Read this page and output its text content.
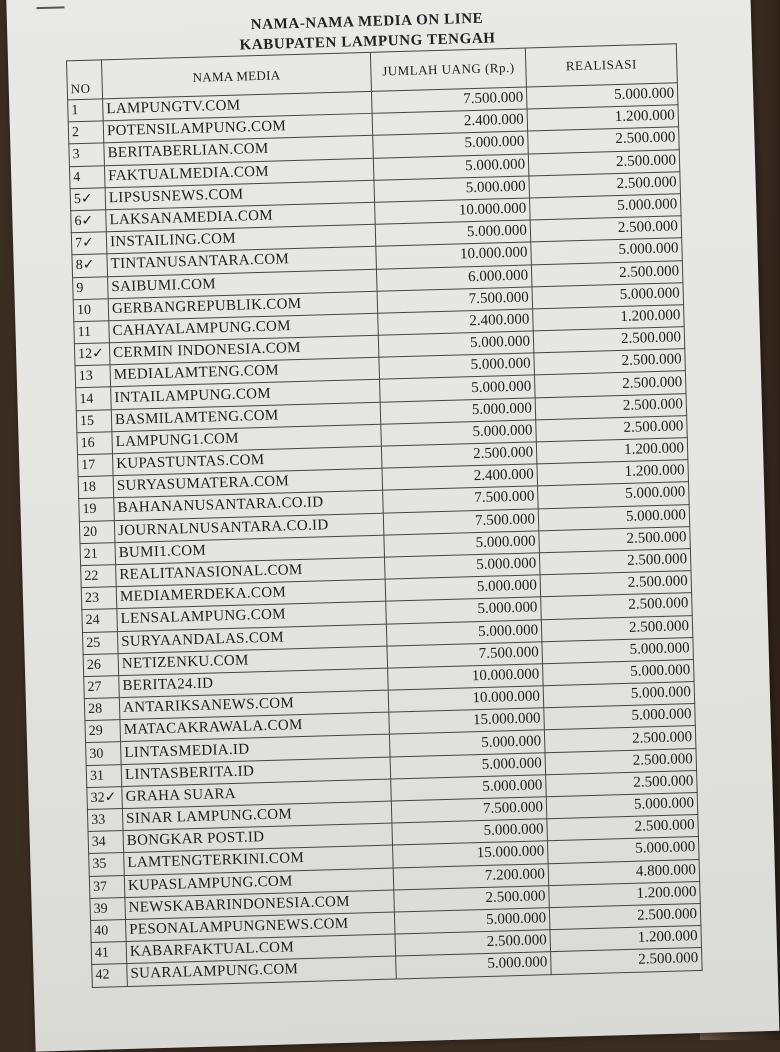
NAMA-NAMA MEDIA ON LINE
KABUPATEN LAMPUNG TENGAH
NO	NAMA MEDIA	JUMLAH UANG (Rp.)	REALISASI
1	LAMPUNGTV.COM	7.500.000	5.000.000
2	POTENSILAMPUNG.COM	2.400.000	1.200.000
3	BERITABERLIAN.COM	5.000.000	2.500.000
4	FAKTUALMEDIA.COM	5.000.000	2.500.000
5✓	LIPSUSNEWS.COM	5.000.000	2.500.000
6✓	LAKSANAMEDIA.COM	10.000.000	5.000.000
7✓	INSTAILING.COM	5.000.000	2.500.000
8✓	TINTANUSANTARA.COM	10.000.000	5.000.000
9	SAIBUMI.COM	6.000.000	2.500.000
10	GERBANGREPUBLIK.COM	7.500.000	5.000.000
11	CAHAYALAMPUNG.COM	2.400.000	1.200.000
12✓	CERMIN INDONESIA.COM	5.000.000	2.500.000
13	MEDIALAMTENG.COM	5.000.000	2.500.000
14	INTAILAMPUNG.COM	5.000.000	2.500.000
15	BASMILAMTENG.COM	5.000.000	2.500.000
16	LAMPUNG1.COM	5.000.000	2.500.000
17	KUPASTUNTAS.COM	2.500.000	1.200.000
18	SURYASUMATERA.COM	2.400.000	1.200.000
19	BAHANANUSANTARA.CO.ID	7.500.000	5.000.000
20	JOURNALNUSANTARA.CO.ID	7.500.000	5.000.000
21	BUMI1.COM	5.000.000	2.500.000
22	REALITANASIONAL.COM	5.000.000	2.500.000
23	MEDIAMERDEKA.COM	5.000.000	2.500.000
24	LENSALAMPUNG.COM	5.000.000	2.500.000
25	SURYAANDALAS.COM	5.000.000	2.500.000
26	NETIZENKU.COM	7.500.000	5.000.000
27	BERITA24.ID	10.000.000	5.000.000
28	ANTARIKSANEWS.COM	10.000.000	5.000.000
29	MATACAKRAWALA.COM	15.000.000	5.000.000
30	LINTASMEDIA.ID	5.000.000	2.500.000
31	LINTASBERITA.ID	5.000.000	2.500.000
32✓	GRAHA SUARA	5.000.000	2.500.000
33	SINAR LAMPUNG.COM	7.500.000	5.000.000
34	BONGKAR POST.ID	5.000.000	2.500.000
35	LAMTENGTERKINI.COM	15.000.000	5.000.000
37	KUPASLAMPUNG.COM	7.200.000	4.800.000
39	NEWSKABARINDONESIA.COM	2.500.000	1.200.000
40	PESONALAMPUNGNEWS.COM	5.000.000	2.500.000
41	KABARFAKTUAL.COM	2.500.000	1.200.000
42	SUARALAMPUNG.COM	5.000.000	2.500.000
